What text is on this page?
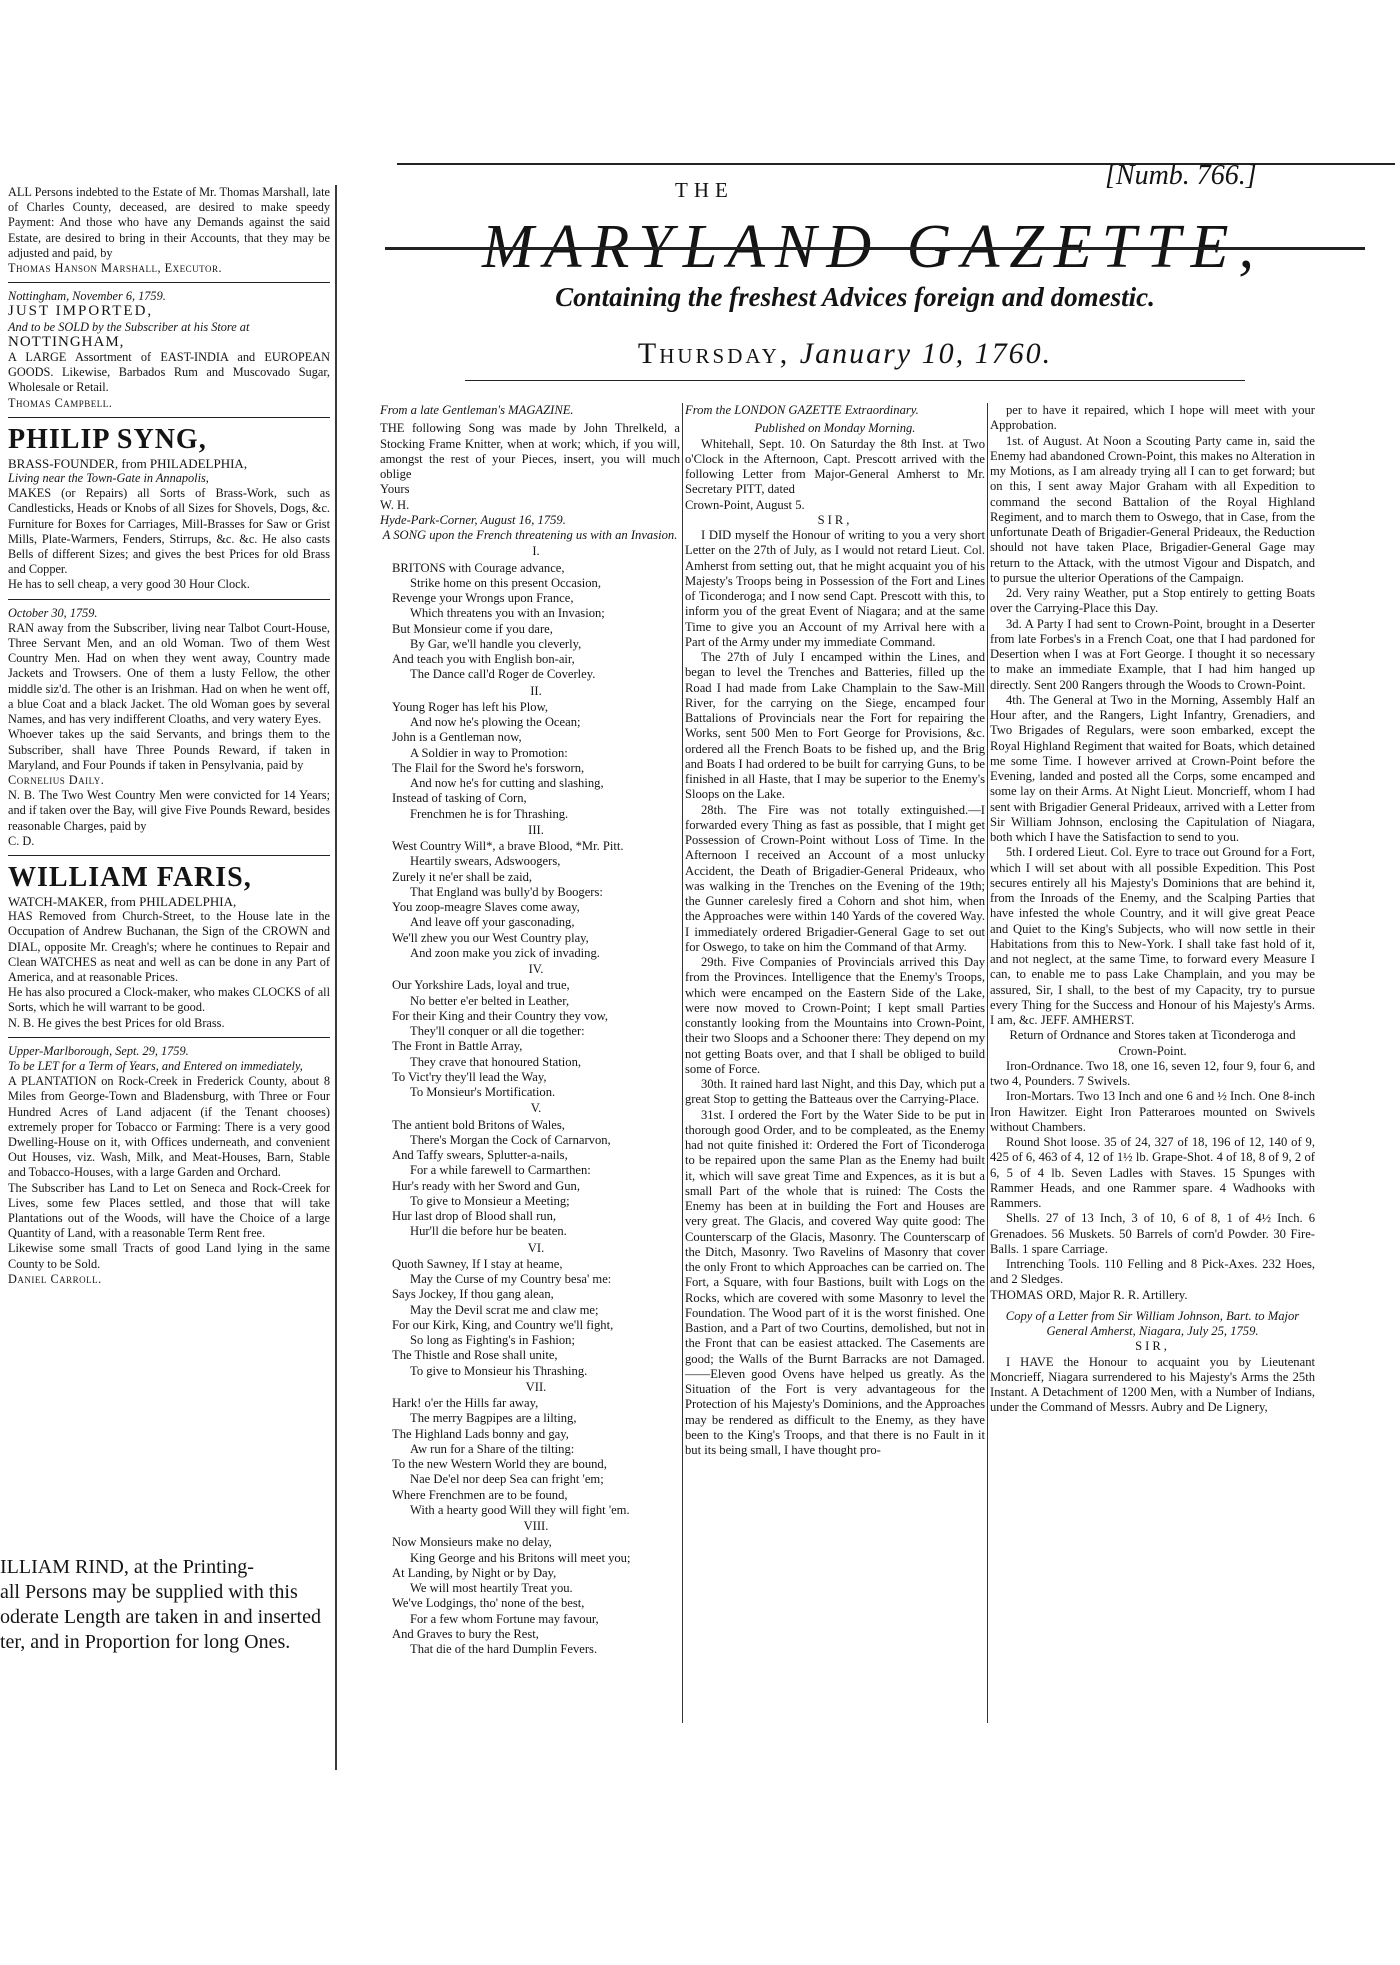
ALL Persons indebted to the Estate of Mr. Thomas Marshall, late of Charles County, deceased, are desired to make speedy Payment: And those who have any Demands against the said Estate, are desired to bring in their Accounts, that they may be adjusted and paid, by

Thomas Hanson Marshall, Executor.

Nottingham, November 6, 1759.

JUST IMPORTED,

And to be SOLD by the Subscriber at his Store at

NOTTINGHAM,

A LARGE Assortment of EAST-INDIA and EUROPEAN GOODS. Likewise, Barbados Rum and Muscovado Sugar, Wholesale or Retail.

Thomas Campbell.

PHILIP SYNG,

BRASS-FOUNDER, from PHILADELPHIA,

Living near the Town-Gate in Annapolis,

MAKES (or Repairs) all Sorts of Brass-Work, such as Candlesticks, Heads or Knobs of all Sizes for Shovels, Dogs, &c. Furniture for Boxes for Carriages, Mill-Brasses for Saw or Grist Mills, Plate-Warmers, Fenders, Stirrups, &c. &c. He also casts Bells of different Sizes; and gives the best Prices for old Brass and Copper.

He has to sell cheap, a very good 30 Hour Clock.

October 30, 1759.

RAN away from the Subscriber, living near Talbot Court-House, Three Servant Men, and an old Woman. Two of them West Country Men. Had on when they went away, Country made Jackets and Trowsers. One of them a lusty Fellow, the other middle siz'd. The other is an Irishman. Had on when he went off, a blue Coat and a black Jacket. The old Woman goes by several Names, and has very indifferent Cloaths, and very watery Eyes.

Whoever takes up the said Servants, and brings them to the Subscriber, shall have Three Pounds Reward, if taken in Maryland, and Four Pounds if taken in Pensylvania, paid by

Cornelius Daily.

N. B. The Two West Country Men were convicted for 14 Years; and if taken over the Bay, will give Five Pounds Reward, besides reasonable Charges, paid by

C. D.

WILLIAM FARIS,

WATCH-MAKER, from PHILADELPHIA,

HAS Removed from Church-Street, to the House late in the Occupation of Andrew Buchanan, the Sign of the CROWN and DIAL, opposite Mr. Creagh's; where he continues to Repair and Clean WATCHES as neat and well as can be done in any Part of America, and at reasonable Prices.

He has also procured a Clock-maker, who makes CLOCKS of all Sorts, which he will warrant to be good.

N. B. He gives the best Prices for old Brass.

Upper-Marlborough, Sept. 29, 1759.

To be LET for a Term of Years, and Entered on immediately,

A PLANTATION on Rock-Creek in Frederick County, about 8 Miles from George-Town and Bladensburg, with Three or Four Hundred Acres of Land adjacent (if the Tenant chooses) extremely proper for Tobacco or Farming: There is a very good Dwelling-House on it, with Offices underneath, and convenient Out Houses, viz. Wash, Milk, and Meat-Houses, Barn, Stable and Tobacco-Houses, with a large Garden and Orchard.

The Subscriber has Land to Let on Seneca and Rock-Creek for Lives, some few Places settled, and those that will take Plantations out of the Woods, will have the Choice of a large Quantity of Land, with a reasonable Term Rent free.

Likewise some small Tracts of good Land lying in the same County to be Sold.

Daniel Carroll.

ILLIAM RIND, at the Printing-

all Persons may be supplied with this

oderate Length are taken in and inserted

ter, and in Proportion for long Ones.

THE	[Numb. 766.]
MARYLAND GAZETTE,
Containing the freshest Advices foreign and domestic.
Thursday, January 10, 1760.

From a late Gentleman's MAGAZINE.

THE following Song was made by John Threlkeld, a Stocking Frame Knitter, when at work; which, if you will, amongst the rest of your Pieces, insert, you will much oblige

Yours

W. H.

Hyde-Park-Corner, August 16, 1759.

A SONG upon the French threatening us with an Invasion.

I.

BRITONS with Courage advance,

Strike home on this present Occasion,

Revenge your Wrongs upon France,

Which threatens you with an Invasion;

But Monsieur come if you dare,

By Gar, we'll handle you cleverly,

And teach you with English bon-air,

The Dance call'd Roger de Coverley.

II.

Young Roger has left his Plow,

And now he's plowing the Ocean;

John is a Gentleman now,

A Soldier in way to Promotion:

The Flail for the Sword he's forsworn,

And now he's for cutting and slashing,

Instead of tasking of Corn,

Frenchmen he is for Thrashing.

III.

West Country Will*, a brave Blood, *Mr. Pitt.

Heartily swears, Adswoogers,

Zurely it ne'er shall be zaid,

That England was bully'd by Boogers:

You zoop-meagre Slaves come away,

And leave off your gasconading,

We'll zhew you our West Country play,

And zoon make you zick of invading.

IV.

Our Yorkshire Lads, loyal and true,

No better e'er belted in Leather,

For their King and their Country they vow,

They'll conquer or all die together:

The Front in Battle Array,

They crave that honoured Station,

To Vict'ry they'll lead the Way,

To Monsieur's Mortification.

V.

The antient bold Britons of Wales,

There's Morgan the Cock of Carnarvon,

And Taffy swears, Splutter-a-nails,

For a while farewell to Carmarthen:

Hur's ready with her Sword and Gun,

To give to Monsieur a Meeting;

Hur last drop of Blood shall run,

Hur'll die before hur be beaten.

VI.

Quoth Sawney, If I stay at heame,

May the Curse of my Country besa' me:

Says Jockey, If thou gang alean,

May the Devil scrat me and claw me;

For our Kirk, King, and Country we'll fight,

So long as Fighting's in Fashion;

The Thistle and Rose shall unite,

To give to Monsieur his Thrashing.

VII.

Hark! o'er the Hills far away,

The merry Bagpipes are a lilting,

The Highland Lads bonny and gay,

Aw run for a Share of the tilting:

To the new Western World they are bound,

Nae De'el nor deep Sea can fright 'em;

Where Frenchmen are to be found,

With a hearty good Will they will fight 'em.

VIII.

Now Monsieurs make no delay,

King George and his Britons will meet you;

At Landing, by Night or by Day,

We will most heartily Treat you.

We've Lodgings, tho' none of the best,

For a few whom Fortune may favour,

And Graves to bury the Rest,

That die of the hard Dumplin Fevers.

From the LONDON GAZETTE Extraordinary.

Published on Monday Morning.

Whitehall, Sept. 10. On Saturday the 8th Inst. at Two o'Clock in the Afternoon, Capt. Prescott arrived with the following Letter from Major-General Amherst to Mr. Secretary PITT, dated

Crown-Point, August 5.

SIR,

I DID myself the Honour of writing to you a very short Letter on the 27th of July, as I would not retard Lieut. Col. Amherst from setting out, that he might acquaint you of his Majesty's Troops being in Possession of the Fort and Lines of Ticonderoga; and I now send Capt. Prescott with this, to inform you of the great Event of Niagara; and at the same Time to give you an Account of my Arrival here with a Part of the Army under my immediate Command.

The 27th of July I encamped within the Lines, and began to level the Trenches and Batteries, filled up the Road I had made from Lake Champlain to the Saw-Mill River, for the carrying on the Siege, encamped four Battalions of Provincials near the Fort for repairing the Works, sent 500 Men to Fort George for Provisions, &c. ordered all the French Boats to be fished up, and the Brig and Boats I had ordered to be built for carrying Guns, to be finished in all Haste, that I may be superior to the Enemy's Sloops on the Lake.

28th. The Fire was not totally extinguished.—I forwarded every Thing as fast as possible, that I might get Possession of Crown-Point without Loss of Time. In the Afternoon I received an Account of a most unlucky Accident, the Death of Brigadier-General Prideaux, who was walking in the Trenches on the Evening of the 19th; the Gunner carelesly fired a Cohorn and shot him, when the Approaches were within 140 Yards of the covered Way. I immediately ordered Brigadier-General Gage to set out for Oswego, to take on him the Command of that Army.

29th. Five Companies of Provincials arrived this Day from the Provinces. Intelligence that the Enemy's Troops, which were encamped on the Eastern Side of the Lake, were now moved to Crown-Point; I kept small Parties constantly looking from the Mountains into Crown-Point, their two Sloops and a Schooner there: They depend on my not getting Boats over, and that I shall be obliged to build some of Force.

30th. It rained hard last Night, and this Day, which put a great Stop to getting the Batteaus over the Carrying-Place.

31st. I ordered the Fort by the Water Side to be put in thorough good Order, and to be compleated, as the Enemy had not quite finished it: Ordered the Fort of Ticonderoga to be repaired upon the same Plan as the Enemy had built it, which will save great Time and Expences, as it is but a small Part of the whole that is ruined: The Costs the Enemy has been at in building the Fort and Houses are very great. The Glacis, and covered Way quite good: The Counterscarp of the Glacis, Masonry. The Counterscarp of the Ditch, Masonry. Two Ravelins of Masonry that cover the only Front to which Approaches can be carried on. The Fort, a Square, with four Bastions, built with Logs on the Rocks, which are covered with some Masonry to level the Foundation. The Wood part of it is the worst finished. One Bastion, and a Part of two Courtins, demolished, but not in the Front that can be easiest attacked. The Casements are good; the Walls of the Burnt Barracks are not Damaged.——Eleven good Ovens have helped us greatly. As the Situation of the Fort is very advantageous for the Protection of his Majesty's Dominions, and the Approaches may be rendered as difficult to the Enemy, as they have been to the King's Troops, and that there is no Fault in it but its being small, I have thought pro-

per to have it repaired, which I hope will meet with your Approbation.

1st. of August. At Noon a Scouting Party came in, said the Enemy had abandoned Crown-Point, this makes no Alteration in my Motions, as I am already trying all I can to get forward; but on this, I sent away Major Graham with all Expedition to command the second Battalion of the Royal Highland Regiment, and to march them to Oswego, that in Case, from the unfortunate Death of Brigadier-General Prideaux, the Reduction should not have taken Place, Brigadier-General Gage may return to the Attack, with the utmost Vigour and Dispatch, and to pursue the ulterior Operations of the Campaign.

2d. Very rainy Weather, put a Stop entirely to getting Boats over the Carrying-Place this Day.

3d. A Party I had sent to Crown-Point, brought in a Deserter from late Forbes's in a French Coat, one that I had pardoned for Desertion when I was at Fort George. I thought it so necessary to make an immediate Example, that I had him hanged up directly. Sent 200 Rangers through the Woods to Crown-Point.

4th. The General at Two in the Morning, Assembly Half an Hour after, and the Rangers, Light Infantry, Grenadiers, and Two Brigades of Regulars, were soon embarked, except the Royal Highland Regiment that waited for Boats, which detained me some Time. I however arrived at Crown-Point before the Evening, landed and posted all the Corps, some encamped and some lay on their Arms. At Night Lieut. Moncrieff, whom I had sent with Brigadier General Prideaux, arrived with a Letter from Sir William Johnson, enclosing the Capitulation of Niagara, both which I have the Satisfaction to send to you.

5th. I ordered Lieut. Col. Eyre to trace out Ground for a Fort, which I will set about with all possible Expedition. This Post secures entirely all his Majesty's Dominions that are behind it, from the Inroads of the Enemy, and the Scalping Parties that have infested the whole Country, and it will give great Peace and Quiet to the King's Subjects, who will now settle in their Habitations from this to New-York. I shall take fast hold of it, and not neglect, at the same Time, to forward every Measure I can, to enable me to pass Lake Champlain, and you may be assured, Sir, I shall, to the best of my Capacity, try to pursue every Thing for the Success and Honour of his Majesty's Arms. I am, &c. JEFF. AMHERST.

Return of Ordnance and Stores taken at Ticonderoga and Crown-Point.

Iron-Ordnance. Two 18, one 16, seven 12, four 9, four 6, and two 4, Pounders. 7 Swivels.

Iron-Mortars. Two 13 Inch and one 6 and ½ Inch. One 8-inch Iron Hawitzer. Eight Iron Patteraroes mounted on Swivels without Chambers.

Round Shot loose. 35 of 24, 327 of 18, 196 of 12, 140 of 9, 425 of 6, 463 of 4, 12 of 1½ lb. Grape-Shot. 4 of 18, 8 of 9, 2 of 6, 5 of 4 lb. Seven Ladles with Staves. 15 Spunges with Rammer Heads, and one Rammer spare. 4 Wadhooks with Rammers.

Shells. 27 of 13 Inch, 3 of 10, 6 of 8, 1 of 4½ Inch. 6 Grenadoes. 56 Muskets. 50 Barrels of corn'd Powder. 30 Fire-Balls. 1 spare Carriage.

Intrenching Tools. 110 Felling and 8 Pick-Axes. 232 Hoes, and 2 Sledges.

THOMAS ORD, Major R. R. Artillery.

Copy of a Letter from Sir William Johnson, Bart. to Major General Amherst, Niagara, July 25, 1759.

SIR,

I HAVE the Honour to acquaint you by Lieutenant Moncrieff, Niagara surrendered to his Majesty's Arms the 25th Instant. A Detachment of 1200 Men, with a Number of Indians, under the Command of Messrs. Aubry and De Lignery,
